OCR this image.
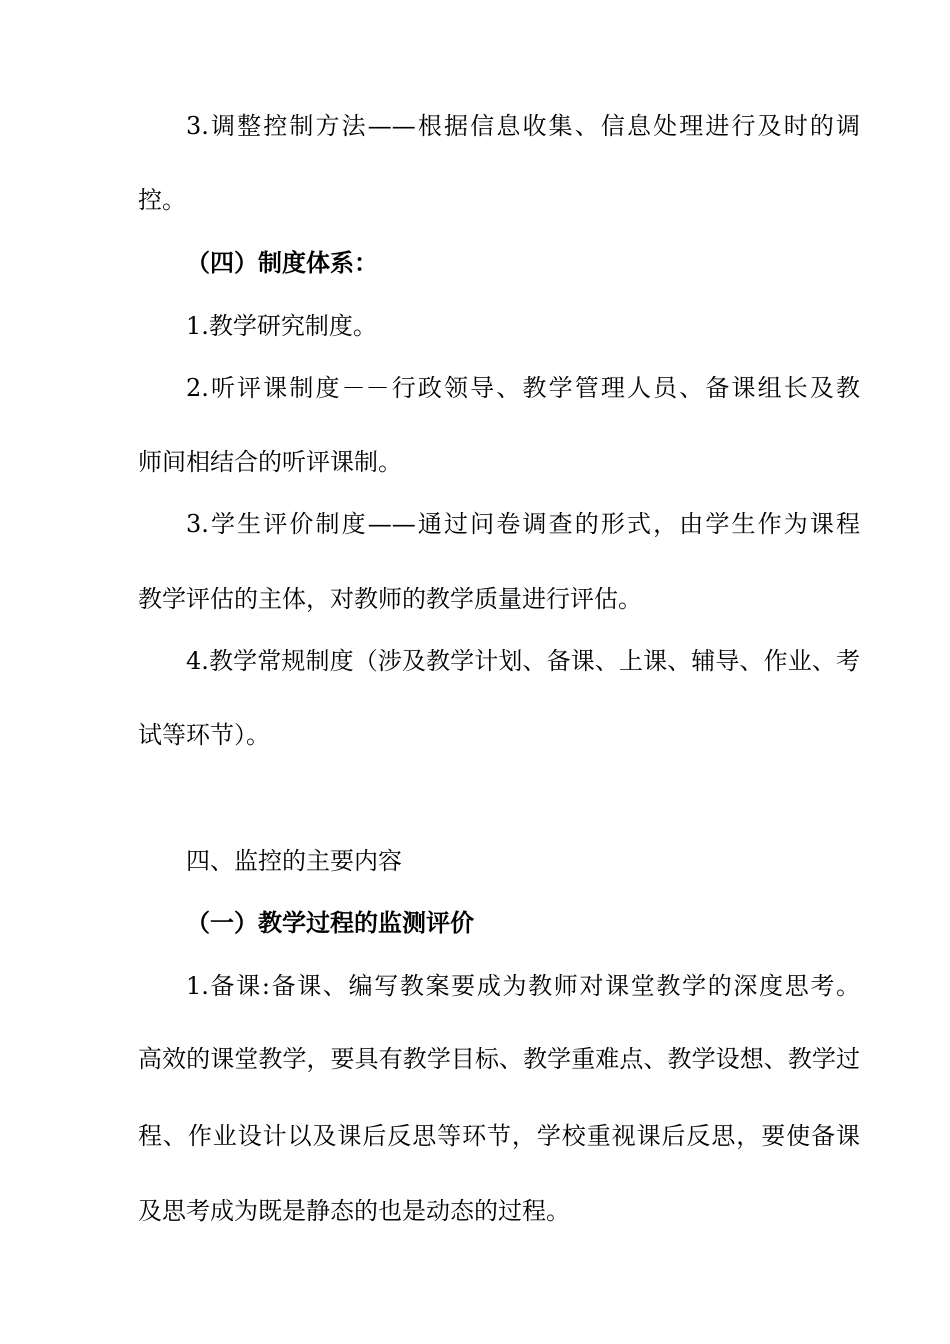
3.调整控制方法——根据信息收集、信息处理进行及时的调
控。
（四）制度体系：
1.教学研究制度。
2.听评课制度－－行政领导、教学管理人员、备课组长及教
师间相结合的听评课制。
3.学生评价制度——通过问卷调查的形式，由学生作为课程
教学评估的主体，对教师的教学质量进行评估。
4.教学常规制度（涉及教学计划、备课、上课、辅导、作业、考
试等环节）。
四、监控的主要内容
（一）教学过程的监测评价
1.备课:备课、编写教案要成为教师对课堂教学的深度思考。
高效的课堂教学，要具有教学目标、教学重难点、教学设想、教学过
程、作业设计以及课后反思等环节，学校重视课后反思，要使备课
及思考成为既是静态的也是动态的过程。
